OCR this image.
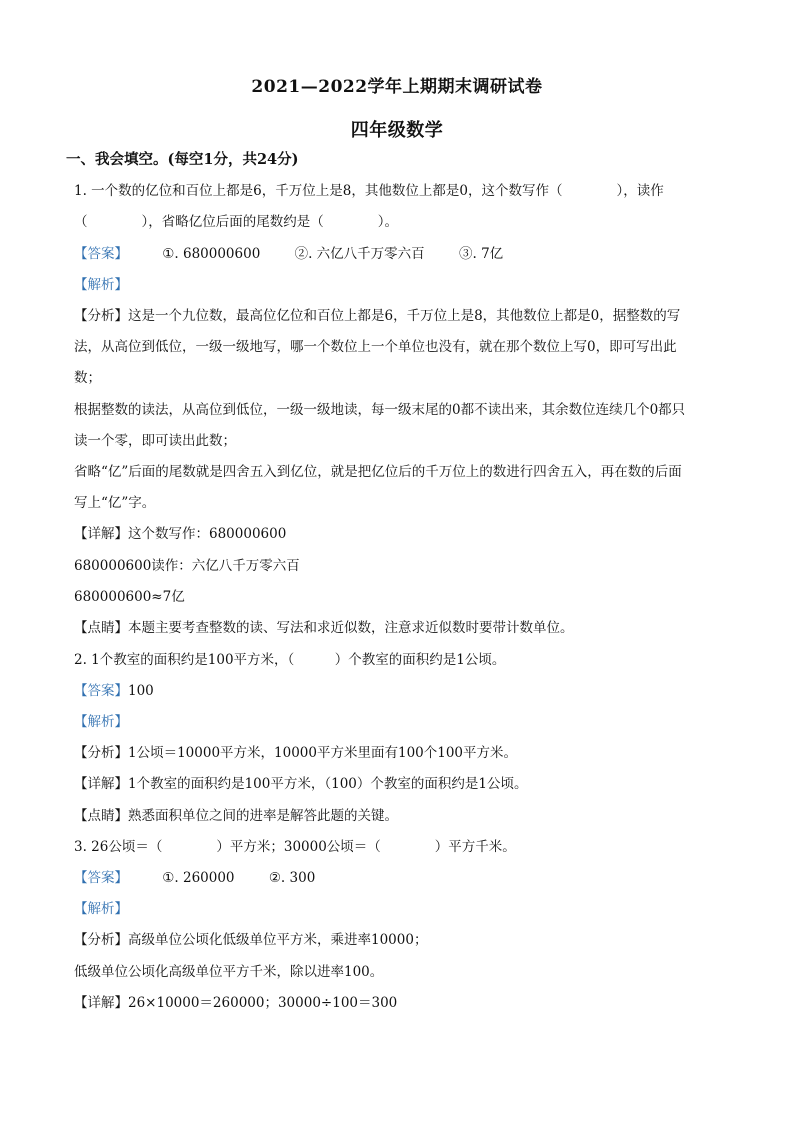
2021—2022学年上期期末调研试卷
四年级数学
一、我会填空。(每空1分，共24分)
1. 一个数的亿位和百位上都是6，千万位上是8，其他数位上都是0，这个数写作（　　　　），读作
（　　　　），省略亿位后面的尾数约是（　　　　）。
【答案】	①. 680000600	②. 六亿八千万零六百	③. 7亿
【解析】
【分析】这是一个九位数，最高位亿位和百位上都是6，千万位上是8，其他数位上都是0，据整数的写
法，从高位到低位，一级一级地写，哪一个数位上一个单位也没有，就在那个数位上写0，即可写出此
数；
根据整数的读法，从高位到低位，一级一级地读，每一级末尾的0都不读出来，其余数位连续几个0都只
读一个零，即可读出此数；
省略“亿”后面的尾数就是四舍五入到亿位，就是把亿位后的千万位上的数进行四舍五入，再在数的后面
写上“亿”字。
【详解】这个数写作：680000600
680000600读作：六亿八千万零六百
680000600≈7亿
【点睛】本题主要考查整数的读、写法和求近似数，注意求近似数时要带计数单位。
2. 1个教室的面积约是100平方米，（　　　）个教室的面积约是1公顷。
【答案】100
【解析】
【分析】1公顷＝10000平方米，10000平方米里面有100个100平方米。
【详解】1个教室的面积约是100平方米，（100）个教室的面积约是1公顷。
【点睛】熟悉面积单位之间的进率是解答此题的关键。
3. 26公顷＝（　　　　）平方米；30000公顷＝（　　　　）平方千米。
【答案】	①. 260000	②. 300
【解析】
【分析】高级单位公顷化低级单位平方米，乘进率10000；
低级单位公顷化高级单位平方千米，除以进率100。
【详解】26×10000＝260000；30000÷100＝300
